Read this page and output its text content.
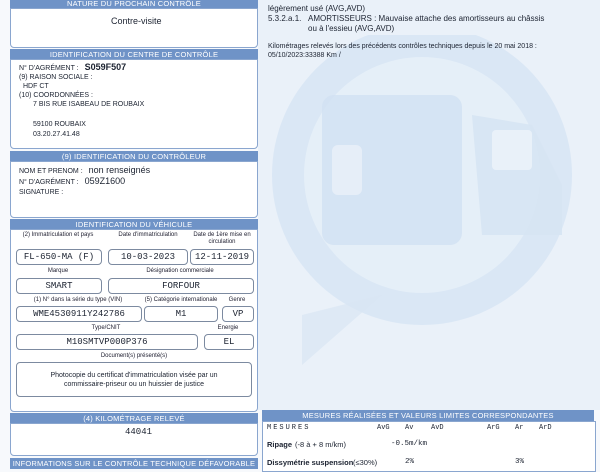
légèrement usé (AVG,AVD)
5.3.2.a.1. AMORTISSEURS : Mauvaise attache des amortisseurs au châssis
ou à l'essieu (AVG,AVD)
Kilométrages relevés lors des précédents contrôles techniques depuis le 20 mai 2018 :
05/10/2023:33388 Km /
MESURES RÉALISÉES ET VALEURS LIMITES CORRESPONDANTES
MESURES	AvG Av	AvD	ArG Ar ArD
Ripage (-8 à + 8 m/km)	-0.5m/km
Dissymétrie suspension (≤30%)	2%	3%
NATURE DU PROCHAIN CONTRÔLE
Contre-visite
IDENTIFICATION DU CENTRE DE CONTRÔLE
N° D'AGRÉMENT : S059F507
(9) RAISON SOCIALE :
HDF CT
(10) COORDONNÉES :
7 BIS RUE ISABEAU DE ROUBAIX
59100 ROUBAIX
03.20.27.41.48
(9) IDENTIFICATION DU CONTRÔLEUR
NOM ET PRENOM : non renseignés
N° D'AGRÉMENT : 059Z1600
SIGNATURE :
IDENTIFICATION DU VÉHICULE
(2) Immatriculation et pays	Date d'immatriculation	Date de 1ère mise en circulation
FL-650-MA (F)	10-03-2023	12-11-2019
Marque	Désignation commerciale
SMART	FORFOUR
(1) N° dans la série du type (VIN)	(5) Catégorie internationale	Genre
WME4530911Y242786	M1	VP
Type/CNIT	Energie
M10SMTVP000P376	EL
Document(s) présenté(s)
Photocopie du certificat d'immatriculation visée par un commissaire-priseur ou un huissier de justice
(4) KILOMÉTRAGE RELEVÉ
44041
INFORMATIONS SUR LE CONTRÔLE TECHNIQUE DÉFAVORABLE
